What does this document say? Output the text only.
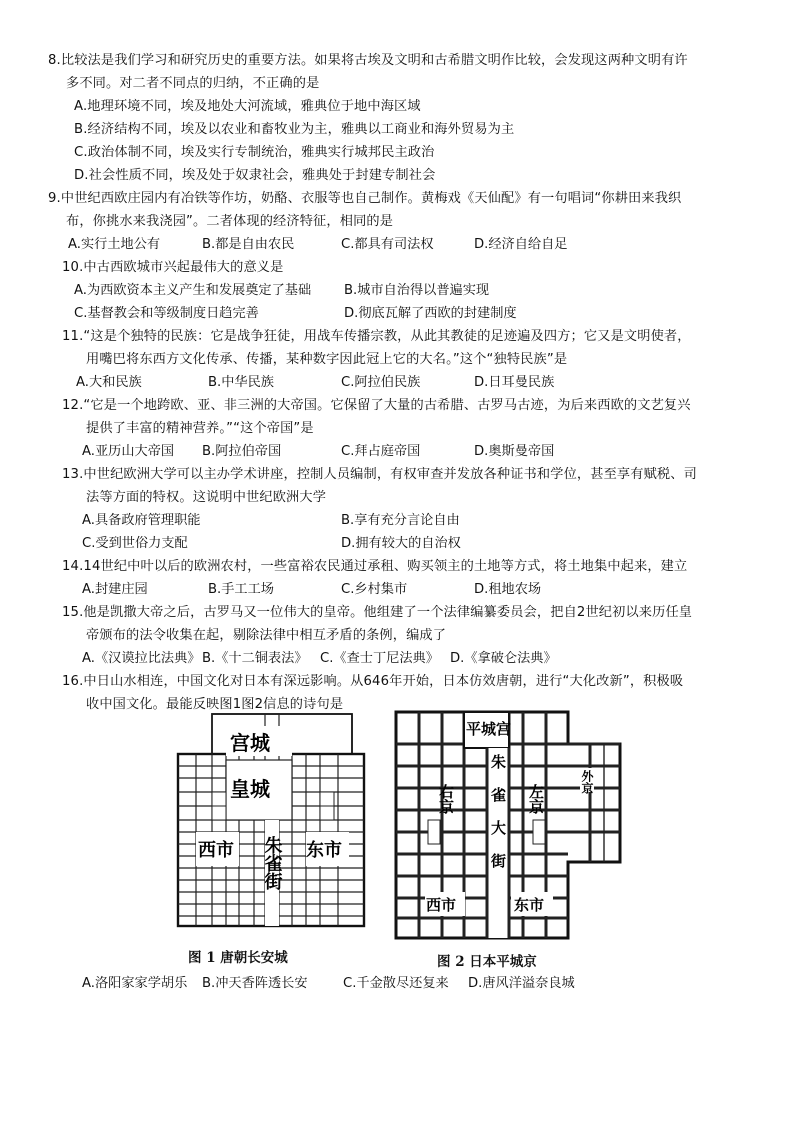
8.比较法是我们学习和研究历史的重要方法。如果将古埃及文明和古希腊文明作比较，会发现这两种文明有许
多不同。对二者不同点的归纳，不正确的是
A.地理环境不同，埃及地处大河流域，雅典位于地中海区域
B.经济结构不同，埃及以农业和畜牧业为主，雅典以工商业和海外贸易为主
C.政治体制不同，埃及实行专制统治，雅典实行城邦民主政治
D.社会性质不同，埃及处于奴隶社会，雅典处于封建专制社会
9.中世纪西欧庄园内有冶铁等作坊，奶酪、衣服等也自己制作。黄梅戏《天仙配》有一句唱词“你耕田来我织
布，你挑水来我浇园”。二者体现的经济特征，相同的是
A.实行土地公有	B.都是自由农民	C.都具有司法权	D.经济自给自足
10.中古西欧城市兴起最伟大的意义是
A.为西欧资本主义产生和发展奠定了基础 B.城市自治得以普遍实现
C.基督教会和等级制度日趋完善	D.彻底瓦解了西欧的封建制度
11.“这是个独特的民族：它是战争狂徒，用战车传播宗教，从此其教徒的足迹遍及四方；它又是文明使者，
用嘴巴将东西方文化传承、传播，某种数字因此冠上它的大名。”这个“独特民族”是
A.大和民族	B.中华民族	C.阿拉伯民族	D.日耳曼民族
12.“它是一个地跨欧、亚、非三洲的大帝国。它保留了大量的古希腊、古罗马古迹，为后来西欧的文艺复兴
提供了丰富的精神营养。”“这个帝国”是
A.亚历山大帝国 B.阿拉伯帝国	C.拜占庭帝国	D.奥斯曼帝国
13.中世纪欧洲大学可以主办学术讲座，控制人员编制，有权审查并发放各种证书和学位，甚至享有赋税、司
法等方面的特权。这说明中世纪欧洲大学
A.具备政府管理职能	B.享有充分言论自由
C.受到世俗力支配	D.拥有较大的自治权
14.14世纪中叶以后的欧洲农村，一些富裕农民通过承租、购买领主的土地等方式，将土地集中起来，建立
A.封建庄园	B.手工工场	C.乡村集市	D.租地农场
15.他是凯撒大帝之后，古罗马又一位伟大的皇帝。他组建了一个法律编纂委员会，把自2世纪初以来历任皇
帝颁布的法令收集在起，剔除法律中相互矛盾的条例，编成了
A.《汉谟拉比法典》 B.《十二铜表法》 C.《查士丁尼法典》 D.《拿破仑法典》
16.中日山水相连，中国文化对日本有深远影响。从646年开始，日本仿效唐朝，进行“大化改新”，积极吸
收中国文化。最能反映图1图2信息的诗句是
宫城
皇城
西市	东市
朱雀街
图 1 唐朝长安城
平城宫
右京	左京
朱雀大街
西市	东市
外京
图 2 日本平城京
A.洛阳家家学胡乐 B.冲天香阵透长安	C.千金散尽还复来 D.唐风洋溢奈良城
